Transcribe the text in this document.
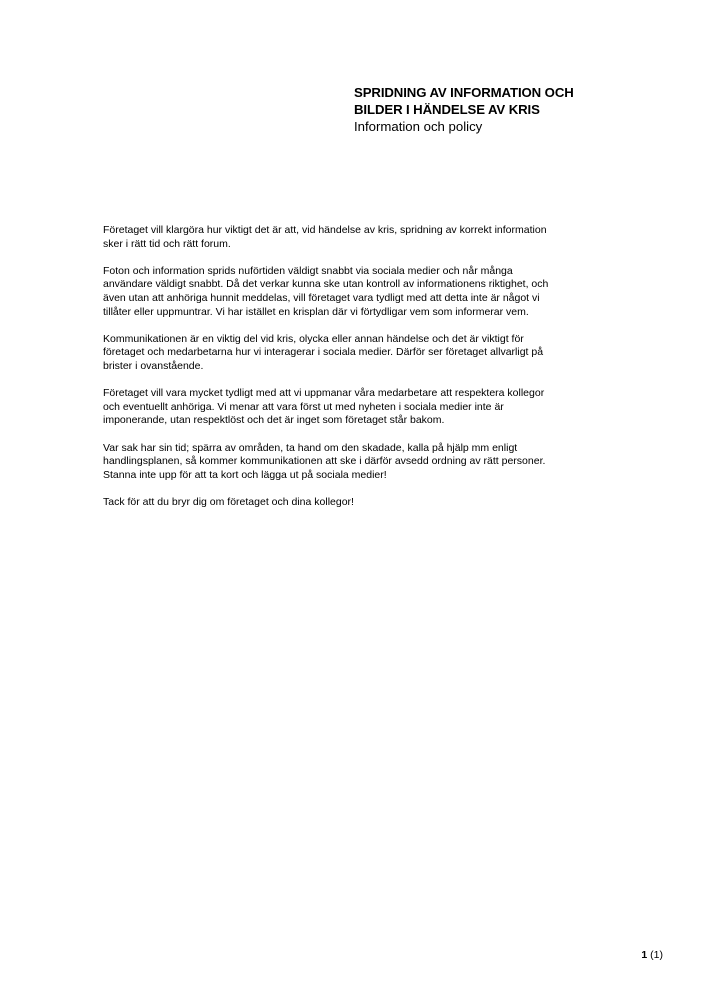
SPRIDNING AV INFORMATION OCH
BILDER I HÄNDELSE AV KRIS

Information och policy

Företaget vill klargöra hur viktigt det är att, vid händelse av kris, spridning av korrekt information
sker i rätt tid och rätt forum.

Foton och information sprids nuförtiden väldigt snabbt via sociala medier och når många
användare väldigt snabbt. Då det verkar kunna ske utan kontroll av informationens riktighet, och
även utan att anhöriga hunnit meddelas, vill företaget vara tydligt med att detta inte är något vi
tillåter eller uppmuntrar. Vi har istället en krisplan där vi förtydligar vem som informerar vem.

Kommunikationen är en viktig del vid kris, olycka eller annan händelse och det är viktigt för
företaget och medarbetarna hur vi interagerar i sociala medier. Därför ser företaget allvarligt på
brister i ovanstående.

Företaget vill vara mycket tydligt med att vi uppmanar våra medarbetare att respektera kollegor
och eventuellt anhöriga. Vi menar att vara först ut med nyheten i sociala medier inte är
imponerande, utan respektlöst och det är inget som företaget står bakom.

Var sak har sin tid; spärra av områden, ta hand om den skadade, kalla på hjälp mm enligt
handlingsplanen, så kommer kommunikationen att ske i därför avsedd ordning av rätt personer.
Stanna inte upp för att ta kort och lägga ut på sociala medier!

Tack för att du bryr dig om företaget och dina kollegor!

1 (1)
